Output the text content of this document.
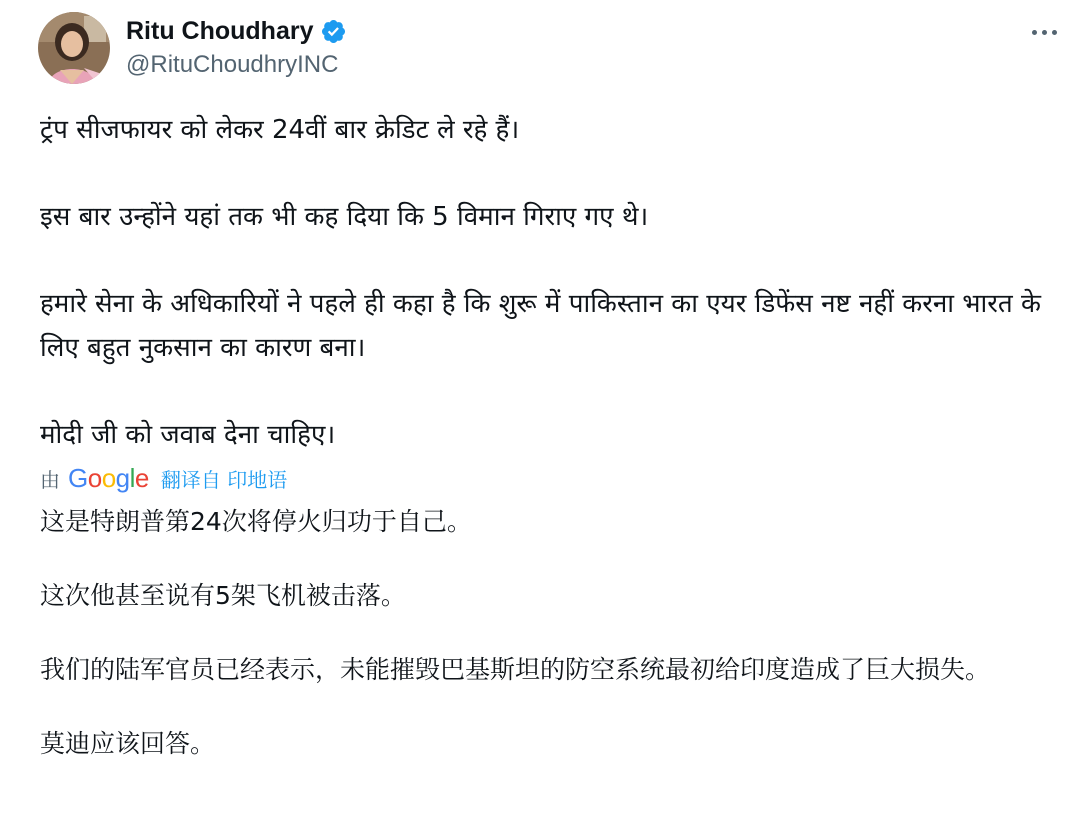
Ritu Choudhary
@RituChoudhryINC

ट्रंप सीजफायर को लेकर 24वीं बार क्रेडिट ले रहे हैं।

इस बार उन्होंने यहां तक भी कह दिया कि 5 विमान गिराए गए थे।

हमारे सेना के अधिकारियों ने पहले ही कहा है कि शुरू में पाकिस्तान का एयर डिफेंस नष्ट नहीं करना भारत के लिए बहुत नुकसान का कारण बना।

मोदी जी को जवाब देना चाहिए।

由 Google 翻译自 印地语

这是特朗普第24次将停火归功于自己。

这次他甚至说有5架飞机被击落。

我们的陆军官员已经表示，未能摧毁巴基斯坦的防空系统最初给印度造成了巨大损失。

莫迪应该回答。
